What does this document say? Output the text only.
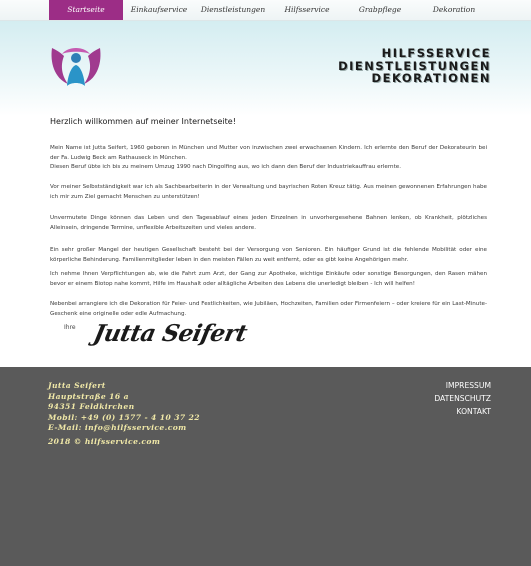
Startseite	Einkaufservice	Dienstleistungen	Hilfsservice	Grabpflege	Dekoration
HILFSSERVICE
DIENSTLEISTUNGEN
DEKORATIONEN
Herzlich willkommen auf meiner Internetseite!
Mein Name ist Jutta Seifert, 1960 geboren in München und Mutter von inzwischen zwei erwachsenen Kindern. Ich erlernte den Beruf der Dekorateurin bei der Fa. Ludwig Beck am Rathauseck in München.
Diesen Beruf übte ich bis zu meinem Umzug 1990 nach Dingolfing aus, wo ich dann den Beruf der Industriekauffrau erlernte.
Vor meiner Selbstständigkeit war ich als Sachbearbeiterin in der Verwaltung und bayrischen Roten Kreuz tätig. Aus meinen gewonnenen Erfahrungen habe ich mir zum Ziel gemacht Menschen zu unterstützen!
Unvermutete Dinge können das Leben und den Tagesablauf eines jeden Einzelnen in unvorhergesehene Bahnen lenken, ob Krankheit, plötzliches Alleinsein, dringende Termine, unflexible Arbeitszeiten und vieles andere.
Ein sehr großer Mangel der heutigen Gesellschaft besteht bei der Versorgung von Senioren. Ein häufiger Grund ist die fehlende Mobilität oder eine körperliche Behinderung. Familienmitglieder leben in den meisten Fällen zu weit entfernt, oder es gibt keine Angehörigen mehr.
Ich nehme Ihnen Verpflichtungen ab, wie die Fahrt zum Arzt, der Gang zur Apotheke, wichtige Einkäufe oder sonstige Besorgungen, den Rasen mähen bevor er einem Biotop nahe kommt, Hilfe im Haushalt oder alltägliche Arbeiten des Lebens die unerledigt bleiben - Ich will helfen!
Nebenbei arrangiere ich die Dekoration für Feier- und Festlichkeiten, wie Jubiläen, Hochzeiten, Familien oder Firmenfeiern – oder kreiere für ein Last-Minute-Geschenk eine originelle oder edle Aufmachung.
Ihre Jutta Seifert
Jutta Seifert
Hauptstraße 16 a
94351 Feldkirchen
Mobil: +49 (0) 1577 - 4 10 37 22
E-Mail: info@hilfsservice.com
2018 © hilfsservice.com
IMPRESSUM
DATENSCHUTZ
KONTAKT
